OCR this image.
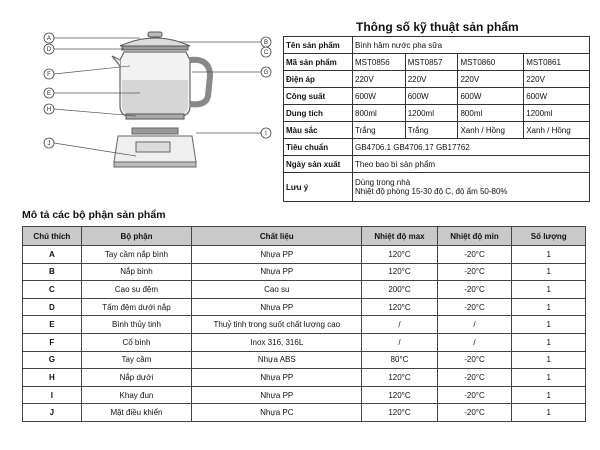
A
D
F
E
H
J
B
C
G
I
Thông số kỹ thuật sản phẩm
Tên sản phẩm	Bình hâm nước pha sữa			
Mã sản phẩm	MST0856	MST0857	MST0860	MST0861
Điện áp	220V	220V	220V	220V
Công suất	600W	600W	600W	600W
Dung tích	800ml	1200ml	800ml	1200ml
Màu sắc	Trắng	Trắng	Xanh / Hồng	Xanh / Hồng
Tiêu chuẩn	GB4706.1 GB4706.17 GB17762			
Ngày sản xuất	Theo bao bì sản phẩm			
Lưu ý	Dùng trong nhà
Nhiệt độ phòng 15-30 độ C, độ ẩm 50-80%			
Mô tả các bộ phận sản phẩm
Chú thích	Bộ phận	Chất liệu	Nhiệt độ max	Nhiệt độ min	Số lượng
A	Tay cầm nắp bình	Nhựa PP	120°C	-20°C	1
B	Nắp bình	Nhựa PP	120°C	-20°C	1
C	Cao su đệm	Cao su	200°C	-20°C	1
D	Tấm đệm dưới nắp	Nhựa PP	120°C	-20°C	1
E	Bình thủy tinh	Thuỷ tinh trong suốt chất lượng cao	/	/	1
F	Cổ bình	Inox 316, 316L	/	/	1
G	Tay cầm	Nhựa ABS	80°C	-20°C	1
H	Nắp dưới	Nhựa PP	120°C	-20°C	1
I	Khay đun	Nhựa PP	120°C	-20°C	1
J	Mặt điều khiển	Nhựa PC	120°C	-20°C	1
